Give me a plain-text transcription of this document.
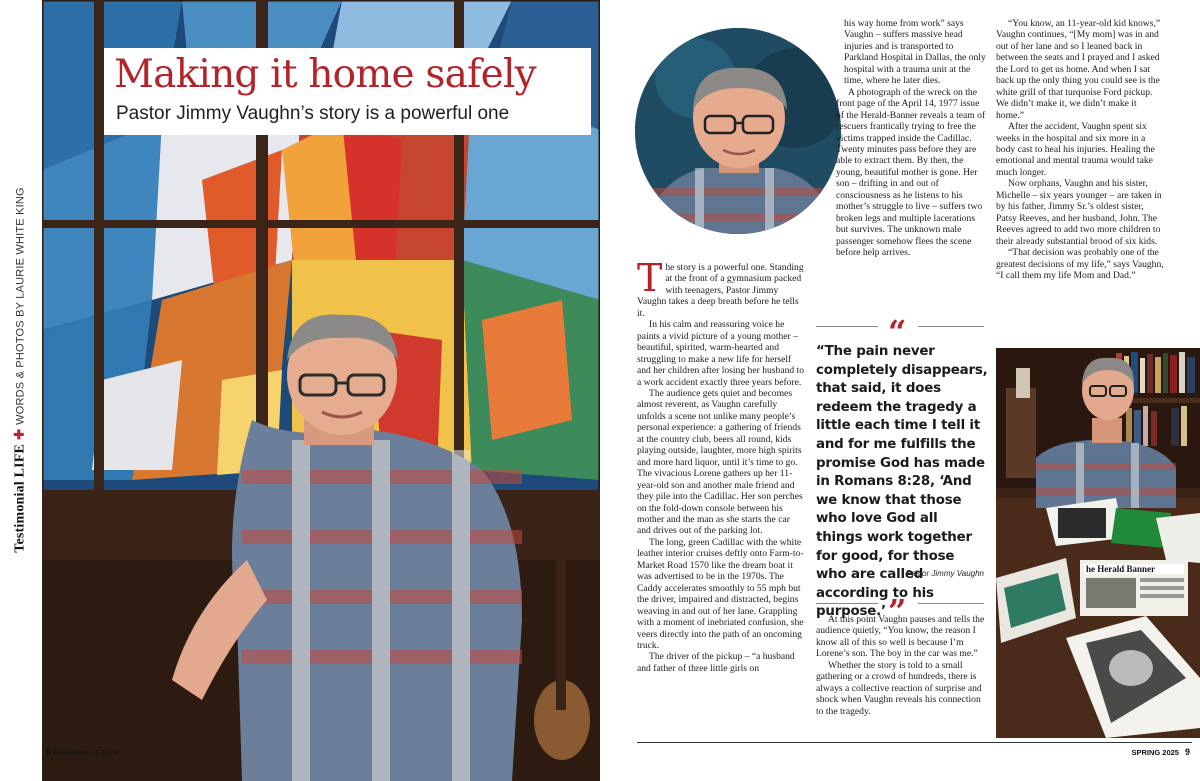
Testimonial LIFE✚WORDS & PHOTOS BY LAURIE WHITE KING
Making it home safely
Pastor Jimmy Vaughn’s story is a powerful one

The story is a powerful one. Standing at the front of a gymnasium packed with teenagers, Pastor Jimmy Vaughn takes a deep breath before he tells it.

In his calm and reassuring voice he paints a vivid picture of a young mother – beautiful, spirited, warm-hearted and struggling to make a new life for herself and her children after losing her husband to a work accident exactly three years before.

The audience gets quiet and becomes almost reverent, as Vaughn carefully unfolds a scene not unlike many people’s personal experience: a gathering of friends at the country club, beers all round, kids playing outside, laughter, more high spirits and more hard liquor, until it’s time to go. The vivacious Lorene gathers up her 11-year-old son and another male friend and they pile into the Cadillac. Her son perches on the fold-down console between his mother and the man as she starts the car and drives out of the parking lot.

The long, green Cadillac with the white leather interior cruises deftly onto Farm-to-Market Road 1570 like the dream boat it was advertised to be in the 1970s. The Caddy accelerates smoothly to 55 mph but the driver, impaired and distracted, begins weaving in and out of her lane. Grappling with a moment of inebriated confusion, she veers directly into the path of an oncoming truck.

The driver of the pickup – “a husband and father of three little girls on

his way home from work” says Vaughn – suffers massive head injuries and is transported to Parkland Hospital in Dallas, the only hospital with a trauma unit at the time, where he later dies.

A photograph of the wreck on the front page of the April 14, 1977 issue of the Herald-Banner reveals a team of rescuers frantically trying to free the victims trapped inside the Cadillac. Twenty minutes pass before they are able to extract them. By then, the young, beautiful mother is gone. Her son – drifting in and out of consciousness as he listens to his mother’s struggle to live – suffers two broken legs and multiple lacerations but survives. The unknown male passenger somehow flees the scene before help arrives.

“
“The pain never completely disappears, that said, it does redeem the tragedy a little each time I tell it and for me fulfills the promise God has made in Romans 8:28, ‘And we know that those who love God all things work together for good, for those who are called according to his purpose.’
- Pastor Jimmy Vaughn
”

At this point Vaughn pauses and tells the audience quietly, “You know, the reason I know all of this so well is because I’m Lorene’s son. The boy in the car was me.”

Whether the story is told to a small gathering or a crowd of hundreds, there is always a collective reaction of surprise and shock when Vaughn reveals his connection to the tragedy.

“You know, an 11-year-old kid knows,” Vaughn continues, “[My mom] was in and out of her lane and so I leaned back in between the seats and I prayed and I asked the Lord to get us home. And when I sat back up the only thing you could see is the white grill of that turquoise Ford pickup. We didn’t make it, we didn’t make it home.”

After the accident, Vaughn spent six weeks in the hospital and six more in a body cast to heal his injuries. Healing the emotional and mental trauma would take much longer.

Now orphans, Vaughn and his sister, Michelle – six years younger – are taken in by his father, Jimmy Sr.’s oldest sister, Patsy Reeves, and her husband, John. The Reeves agreed to add two more children to their already substantial brood of six kids.

“That decision was probably one of the greatest decisions of my life,” says Vaughn, “I call them my life Mom and Dad.”

he Herald Banner
8 GREENVILLE LIFE	SPRING 2025 9
